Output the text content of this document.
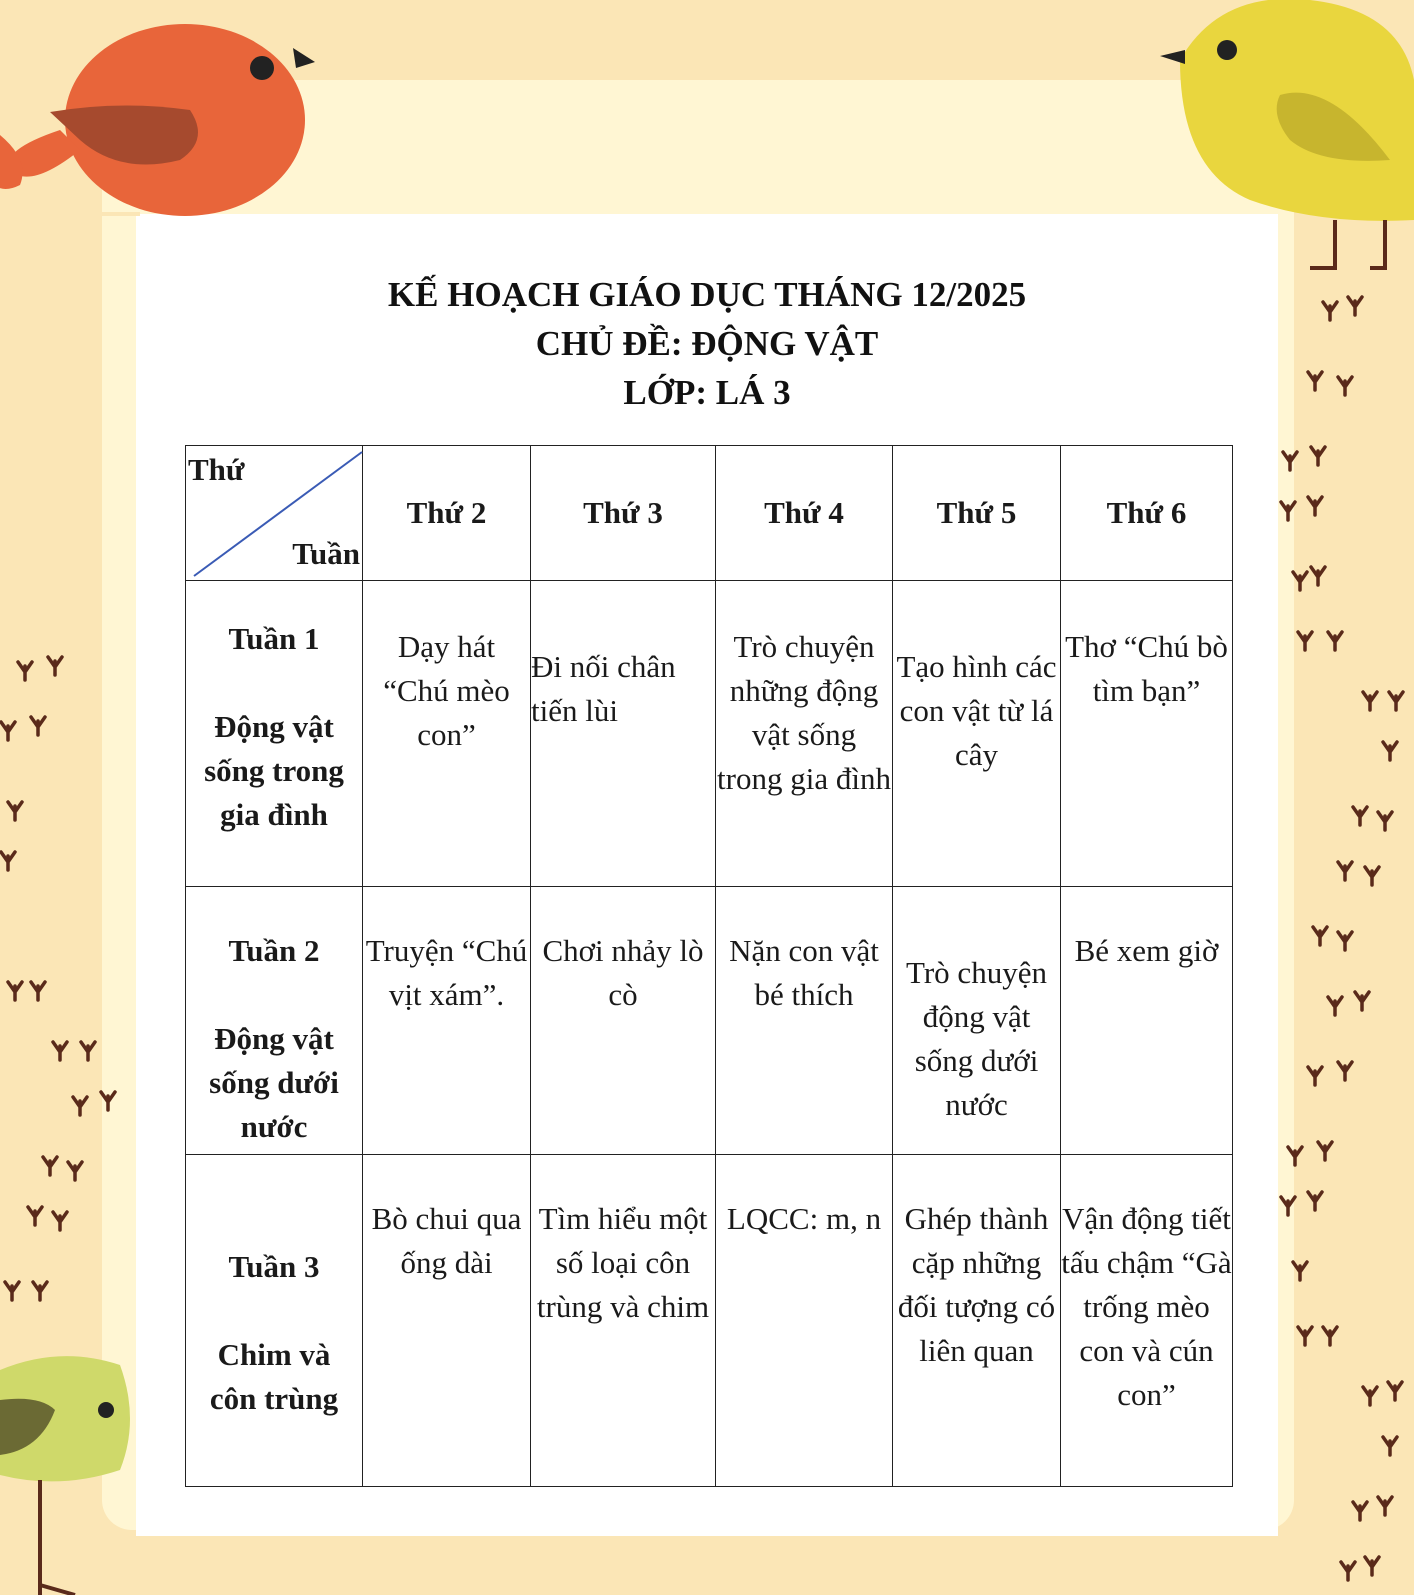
KẾ HOẠCH GIÁO DỤC THÁNG 12/2025
CHỦ ĐỀ: ĐỘNG VẬT
LỚP: LÁ 3
Thứ
Tuần	Thứ 2	Thứ 3	Thứ 4	Thứ 5	Thứ 6

Tuần 1
Động vật sống trong gia đình	Dạy hát “Chú mèo con”	Đi nối chân tiến lùi	Trò chuyện những động vật sống trong gia đình	Tạo hình các con vật từ lá cây	Thơ “Chú bò tìm bạn”

Tuần 2
Động vật sống dưới nước	Truyện “Chú vịt xám”.	Chơi nhảy lò cò	Nặn con vật bé thích	Trò chuyện động vật sống dưới nước	Bé xem giờ

Tuần 3
Chim và côn trùng	Bò chui qua ống dài	Tìm hiểu một số loại côn trùng và chim	LQCC: m, n	Ghép thành cặp những đối tượng có liên quan	Vận động tiết tấu chậm “Gà trống mèo con và cún con”
